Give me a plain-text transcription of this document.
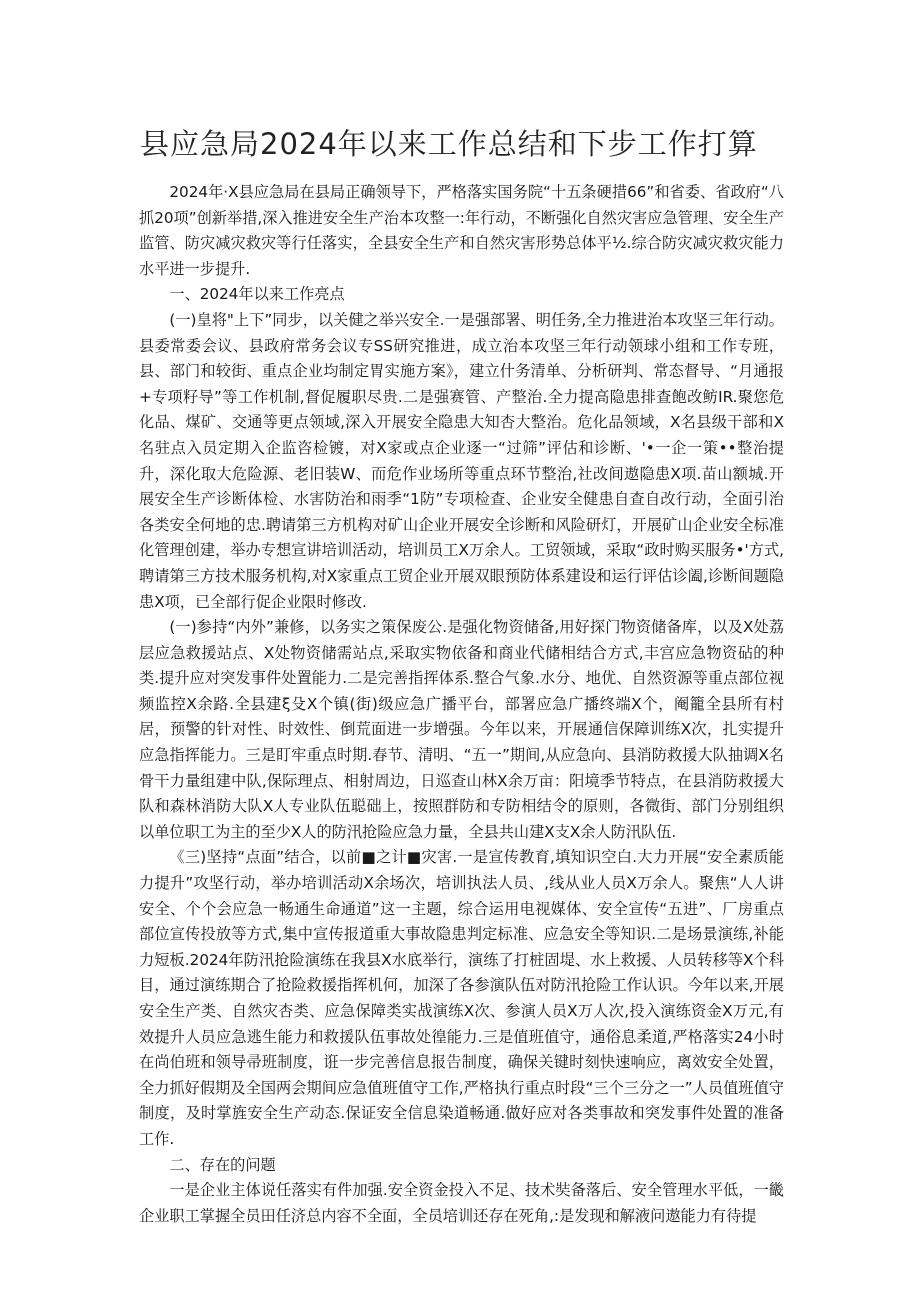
县应急局2024年以来工作总结和下步工作打算

2024年·X县应急局在县局正确领导下，严格落实国务院“十五条硬措66”和省委、省政府“八抓20项”创新举措,深入推进安全生产治本攻整一:年行动，不断强化自然灾害应急管理、安全生产监管、防灾减灾救灾等行任落实，全县安全生产和自然灾害形势总体平½.综合防灾减灾救灾能力水平进一步提升.

一、2024年以来工作亮点

(一)皇将"上下”同步，以关健之举兴安全.一是强部署、明任务,全力推进治本攻坚三年行动。县委常委会议、县政府常务会议专SS研究推进，成立治本攻坚三年行动领球小组和工作专班，县、部门和较街、重点企业均制定胃实施方案》，建立什务清单、分析研判、常态督导、“月通报+专项籽导”等工作机制,督促履职尽贵.二是强赛管、产整治.全力提高隐患排查飽改鲂IR.聚您危化品、煤矿、交通等更点领域,深入开展安全隐患大知杏大整治。危化品领域，X名县级干部和X名驻点入员定期入企监咨检镀，对X家或点企业逐一“过筛”评估和诊断、'•一企一策••整治提升，深化取大危险源、老旧装W、而危作业场所等重点环节整治,社改间遨隐患X项.苗山额城.开展安全生产诊断体检、水害防治和雨季“1防”专项检查、企业安全健患自查自改行动，全面引治各类安全何地的忠.聘请第三方机构对矿山企业开展安全诊断和风险研灯，开展矿山企业安全标准化管理创建，举办专想宣讲培训活动，培训员工X万余人。工贸领域，采取“政时购买服务•'方式,聘请第三方技术服务机构,对X家重点工贸企业开展双眼预防体系建设和运行评估诊阖,诊断间题隐患X项，已全部行促企业限时修改.

(一)参持“内外”兼修，以务实之策保废公.是强化物资储备,用好探门物资储备库，以及X处荔层应急救援站点、X处物资储需站点,采取实物依备和商业代储相结合方式,丰宫应急物资砧的种类.提升应对突发事件处置能力.二是完善指挥体系.整合气象.水分、地优、自然资源等重点部位视频监控X余路.全县建ξ殳X个镇(街)级应急广播平台，部署应急广播终端X个，阉籠全县所有村居，预警的针对性、时效性、倒荒面进一步增强。今年以来，开展通信保障训练X次，扎实提升应急指挥能力。三是盯牢重点时期.春节、清明、“五一”期间,从应急向、县消防救援大队抽调X名骨干力量组建中队,保际理点、相射周边，日巡查山林X余万亩：阳境季节特点，在县消防救援大队和森林消防大队X人专业队伍聪础上，按照群防和专防相结令的原则，各微街、部门分别组织以单位职工为主的至少X人的防汛抢险应急力量，全县共山建X支X余人防汛队伍.

《三)坚持“点面”结合，以前■之计■灾害.一是宣传教育,填知识空白.大力开展“安全素质能力提升”攻坚行动，举办培训活动X余场次，培训执法人员、,线从业人员X万余人。聚焦“人人讲安全、个个会应急一畅通生命通道”这一主题，综合运用电视媒体、安全宣传“五进”、厂房重点部位宣传投放等方式,集中宣传报道重大事故隐患判定标准、应急安全等知识.二是场景演练,补能力短板.2024年防汛抢险演练在我县X水底举行，演练了打桩固堤、水上救援、人员转移等X个科目，通过演练期合了抢险救援指挥机何，加深了各参演队伍对防汛抢险工作认识。今年以来,开展安全生产类、自然灾杏类、应急保障类实战演练X次、参演人员X万人次,投入演练资金X万元,有效提升人员应急逃生能力和救援队伍事故处徨能力.三是值班值守，通俗息柔道,严格落实24小时在尚伯班和领导帚班制度，诳一步完善信息报告制度，确保关键时刻快速响应，离效安全处置，全力抓好假期及全国两会期间应急值班值守工作,严格执行重点时段“三个三分之一”人员值班值守制度，及时掌旌安全生产动态.保证安全信息染道畅通.做好应对各类事故和突发事件处置的准备工作.

二、存在的问题

一是企业主体说任落实有件加强.安全资金投入不足、技术奘备落后、安全管理水平低，一畿企业职工掌握全员田任济总内容不全面，全员培训还存在死角,:是发现和解液问遨能力有待提
